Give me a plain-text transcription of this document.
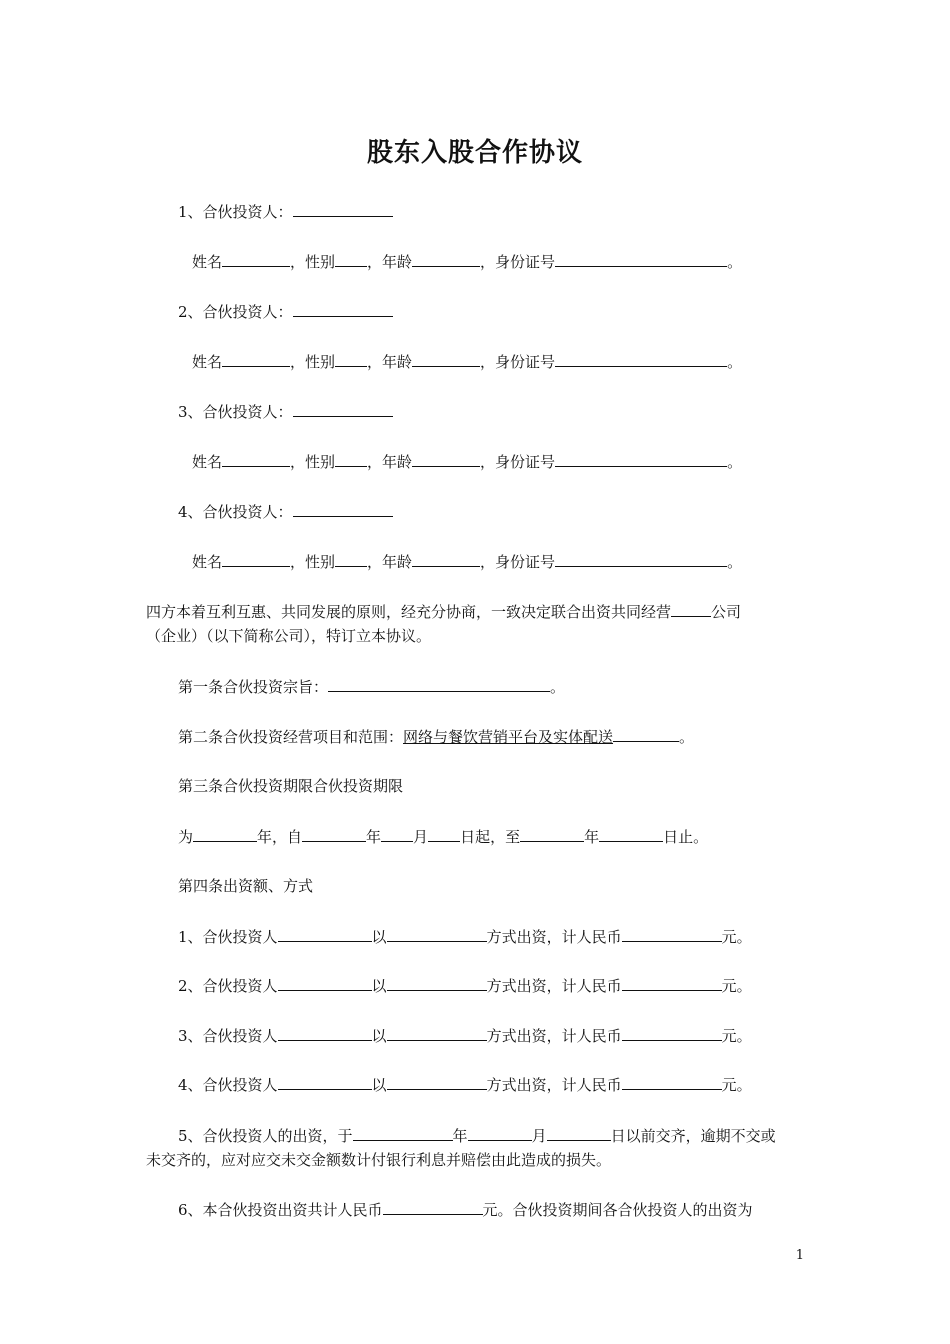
股东入股合作协议
1、合伙投资人：
姓名	，性别 ，年龄	，身份证号	。
2、合伙投资人：
姓名	，性别 ，年龄	，身份证号	。
3、合伙投资人：
姓名	，性别 ，年龄	，身份证号	。
4、合伙投资人：
姓名	，性别 ，年龄	，身份证号	。
四方本着互利互惠、共同发展的原则，经充分协商，一致决定联合出资共同经营	公司
（企业）（以下简称公司），特订立本协议。
第一条合伙投资宗旨：	。
第二条合伙投资经营项目和范围：网络与餐饮营销平台及实体配送	。
第三条合伙投资期限合伙投资期限
为	年，自	年 月 日起，至	年	日止。
第四条出资额、方式
1、合伙投资人	以	方式出资，计人民币	元。
2、合伙投资人	以	方式出资，计人民币	元。
3、合伙投资人	以	方式出资，计人民币	元。
4、合伙投资人	以	方式出资，计人民币	元。
5、合伙投资人的出资，于	年	月	日以前交齐，逾期不交或
未交齐的，应对应交未交金额数计付银行利息并赔偿由此造成的损失。
6、本合伙投资出资共计人民币	元。合伙投资期间各合伙投资人的出资为
1
